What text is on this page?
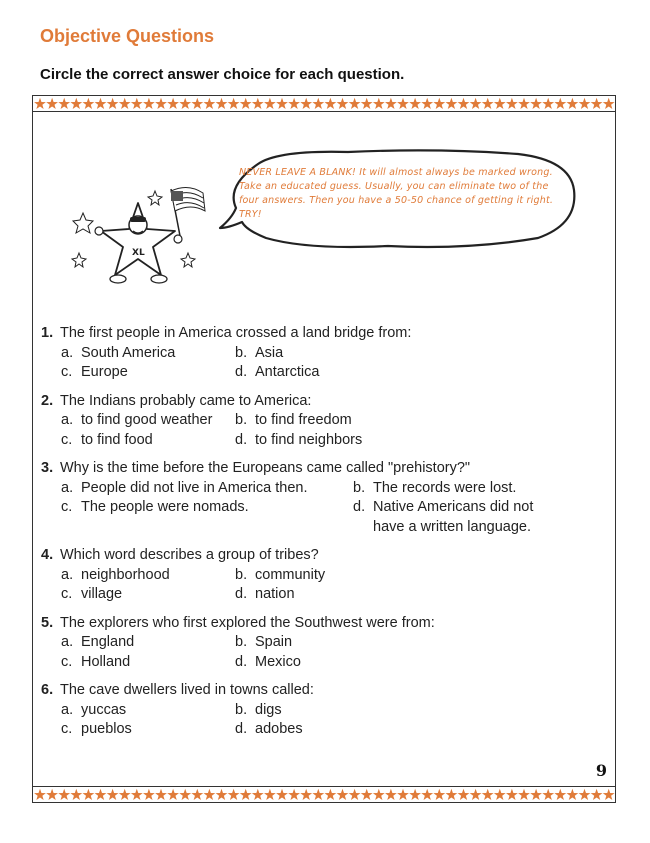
Objective Questions

Circle the correct answer choice for each question.

XL

NEVER LEAVE A BLANK! It will almost always be marked wrong. Take an educated guess. Usually, you can eliminate two of the four answers. Then you have a 50-50 chance of getting it right. TRY!

1. The first people in America crossed a land bridge from:
a. South America	b. Asia
c. Europe	d. Antarctica
2. The Indians probably came to America:
a. to find good weather	b. to find freedom
c. to find food	d. to find neighbors
3. Why is the time before the Europeans came called "prehistory?"
a. People did not live in America then.	b. The records were lost.
c. The people were nomads.	d. Native Americans did not have a written language.
4. Which word describes a group of tribes?
a. neighborhood	b. community
c. village	d. nation
5. The explorers who first explored the Southwest were from:
a. England	b. Spain
c. Holland	d. Mexico
6. The cave dwellers lived in towns called:
a. yuccas	b. digs
c. pueblos	d. adobes

9
